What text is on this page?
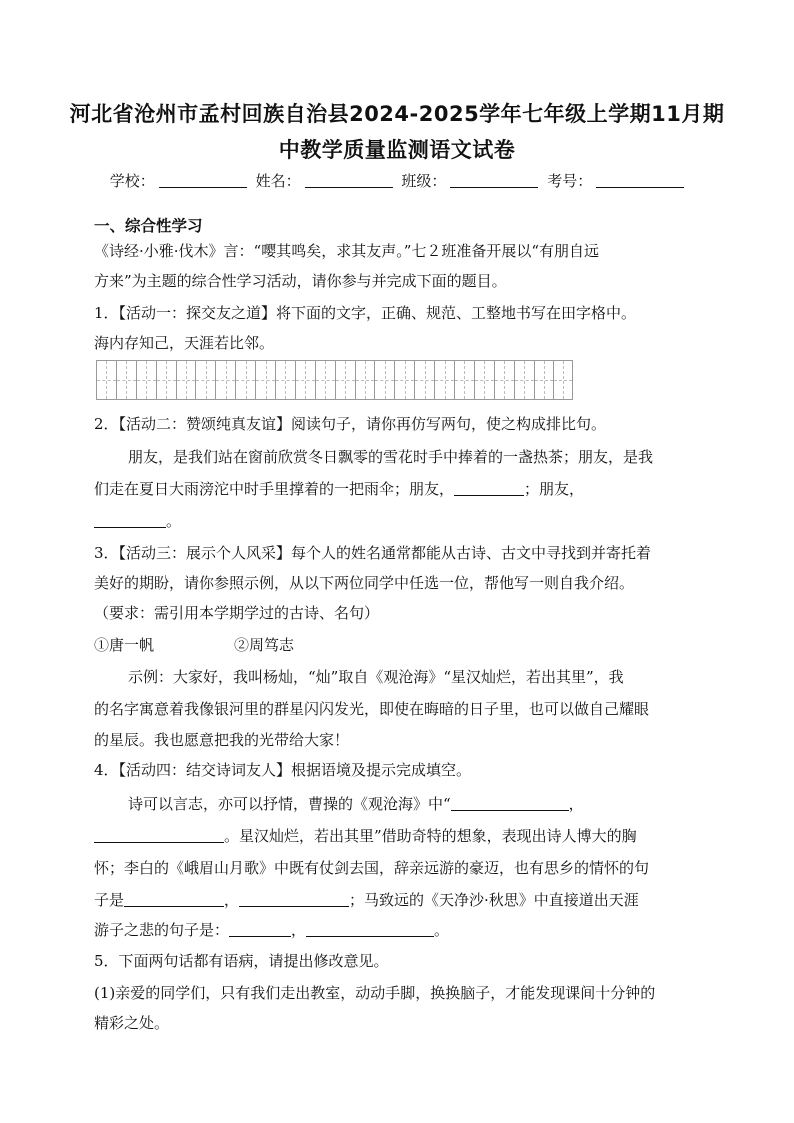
河北省沧州市孟村回族自治县2024-2025学年七年级上学期11月期
中教学质量监测语文试卷
学校：	姓名：	班级：	考号：
一、综合性学习
《诗经·小雅·伐木》言：“嘤其鸣矣，求其友声。”七２班准备开展以“有朋自远
方来”为主题的综合性学习活动，请你参与并完成下面的题目。
1．【活动一：探交友之道】将下面的文字，正确、规范、工整地书写在田字格中。
海内存知己，天涯若比邻。
2．【活动二：赞颂纯真友谊】阅读句子，请你再仿写两句，使之构成排比句。
朋友，是我们站在窗前欣赏冬日飘零的雪花时手中捧着的一盏热茶；朋友，是我
们走在夏日大雨滂沱中时手里撑着的一把雨伞；朋友，	；朋友，
。
3．【活动三：展示个人风采】每个人的姓名通常都能从古诗、古文中寻找到并寄托着
美好的期盼，请你参照示例，从以下两位同学中任选一位，帮他写一则自我介绍。
（要求：需引用本学期学过的古诗、名句）
①唐一帆	②周笃志
示例：大家好，我叫杨灿，“灿”取自《观沧海》“星汉灿烂，若出其里”，我
的名字寓意着我像银河里的群星闪闪发光，即使在晦暗的日子里，也可以做自己耀眼
的星辰。我也愿意把我的光带给大家！
4．【活动四：结交诗词友人】根据语境及提示完成填空。
诗可以言志，亦可以抒情，曹操的《观沧海》中“	，
。星汉灿烂，若出其里”借助奇特的想象，表现出诗人博大的胸
怀；李白的《峨眉山月歌》中既有仗剑去国，辞亲远游的豪迈，也有思乡的情怀的句
子是	，	；马致远的《天净沙·秋思》中直接道出天涯
游子之悲的句子是：	，	。
5．下面两句话都有语病，请提出修改意见。
(1)亲爱的同学们，只有我们走出教室，动动手脚，换换脑子，才能发现课间十分钟的
精彩之处。
